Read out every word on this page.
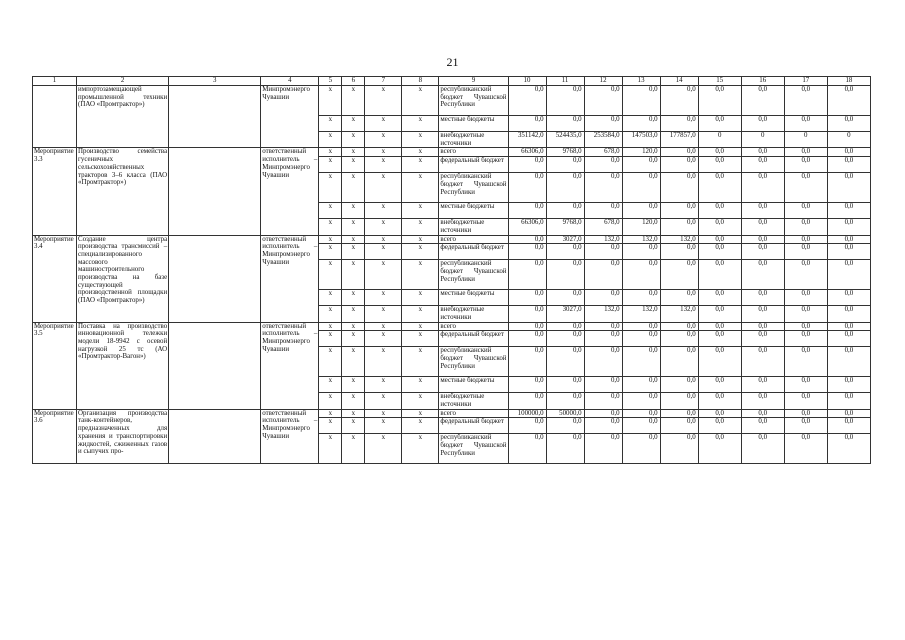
21
1	2	3	4	5	6	7	8	9	10	11	12	13	14	15	16	17	18
	импортозамещающей промышленной техники (ПАО «Промтрактор»)		Минпромэнерго Чувашии	х	х	х	х	республиканский бюджет Чувашской Республики	0,0	0,0	0,0	0,0	0,0	0,0	0,0	0,0	0,0
				х	х	х	х	местные бюджеты	0,0	0,0	0,0	0,0	0,0	0,0	0,0	0,0	0,0
				х	х	х	х	внебюджетные источники	351142,0	524435,0	253584,0	147503,0	177857,0	0	0	0	0
Мероприятие 3.3	Производство семейства гусеничных сельскохозяйственных тракторов 3–6 класса (ПАО «Промтрактор»)		ответственный исполнитель – Минпромэнерго Чувашии	х	х	х	х	всего	66306,0	9768,0	678,0	120,0	0,0	0,0	0,0	0,0	0,0
				х	х	х	х	федеральный бюджет	0,0	0,0	0,0	0,0	0,0	0,0	0,0	0,0	0,0
				х	х	х	х	республиканский бюджет Чувашской Республики	0,0	0,0	0,0	0,0	0,0	0,0	0,0	0,0	0,0
				х	х	х	х	местные бюджеты	0,0	0,0	0,0	0,0	0,0	0,0	0,0	0,0	0,0
				х	х	х	х	внебюджетные источники	66306,0	9768,0	678,0	120,0	0,0	0,0	0,0	0,0	0,0
Мероприятие 3.4	Создание центра производства трансмиссий – специализированного массового машиностроительного производства на базе существующей производственной площадки (ПАО «Промтрактор»)		ответственный исполнитель – Минпромэнерго Чувашии	х	х	х	х	всего	0,0	3027,0	132,0	132,0	132,0	0,0	0,0	0,0	0,0
				х	х	х	х	федеральный бюджет	0,0	0,0	0,0	0,0	0,0	0,0	0,0	0,0	0,0
				х	х	х	х	республиканский бюджет Чувашской Республики	0,0	0,0	0,0	0,0	0,0	0,0	0,0	0,0	0,0
				х	х	х	х	местные бюджеты	0,0	0,0	0,0	0,0	0,0	0,0	0,0	0,0	0,0
				х	х	х	х	внебюджетные источники	0,0	3027,0	132,0	132,0	132,0	0,0	0,0	0,0	0,0
Мероприятие 3.5	Поставка на производство инновационной тележки модели 18-9942 с осевой нагрузкой 25 тс (АО «Промтрактор-Вагон»)		ответственный исполнитель – Минпромэнерго Чувашии	х	х	х	х	всего	0,0	0,0	0,0	0,0	0,0	0,0	0,0	0,0	0,0
				х	х	х	х	федеральный бюджет	0,0	0,0	0,0	0,0	0,0	0,0	0,0	0,0	0,0
				х	х	х	х	республиканский бюджет Чувашской Республики	0,0	0,0	0,0	0,0	0,0	0,0	0,0	0,0	0,0
				х	х	х	х	местные бюджеты	0,0	0,0	0,0	0,0	0,0	0,0	0,0	0,0	0,0
				х	х	х	х	внебюджетные источники	0,0	0,0	0,0	0,0	0,0	0,0	0,0	0,0	0,0
Мероприятие 3.6	Организация производства танк-контейнеров, предназначенных для хранения и транспортировки жидкостей, сжиженных газов и сыпучих про-		ответственный исполнитель – Минпромэнерго Чувашии	х	х	х	х	всего	100000,0	50000,0	0,0	0,0	0,0	0,0	0,0	0,0	0,0
				х	х	х	х	федеральный бюджет	0,0	0,0	0,0	0,0	0,0	0,0	0,0	0,0	0,0
				х	х	х	х	республиканский бюджет Чувашской Республики	0,0	0,0	0,0	0,0	0,0	0,0	0,0	0,0	0,0
